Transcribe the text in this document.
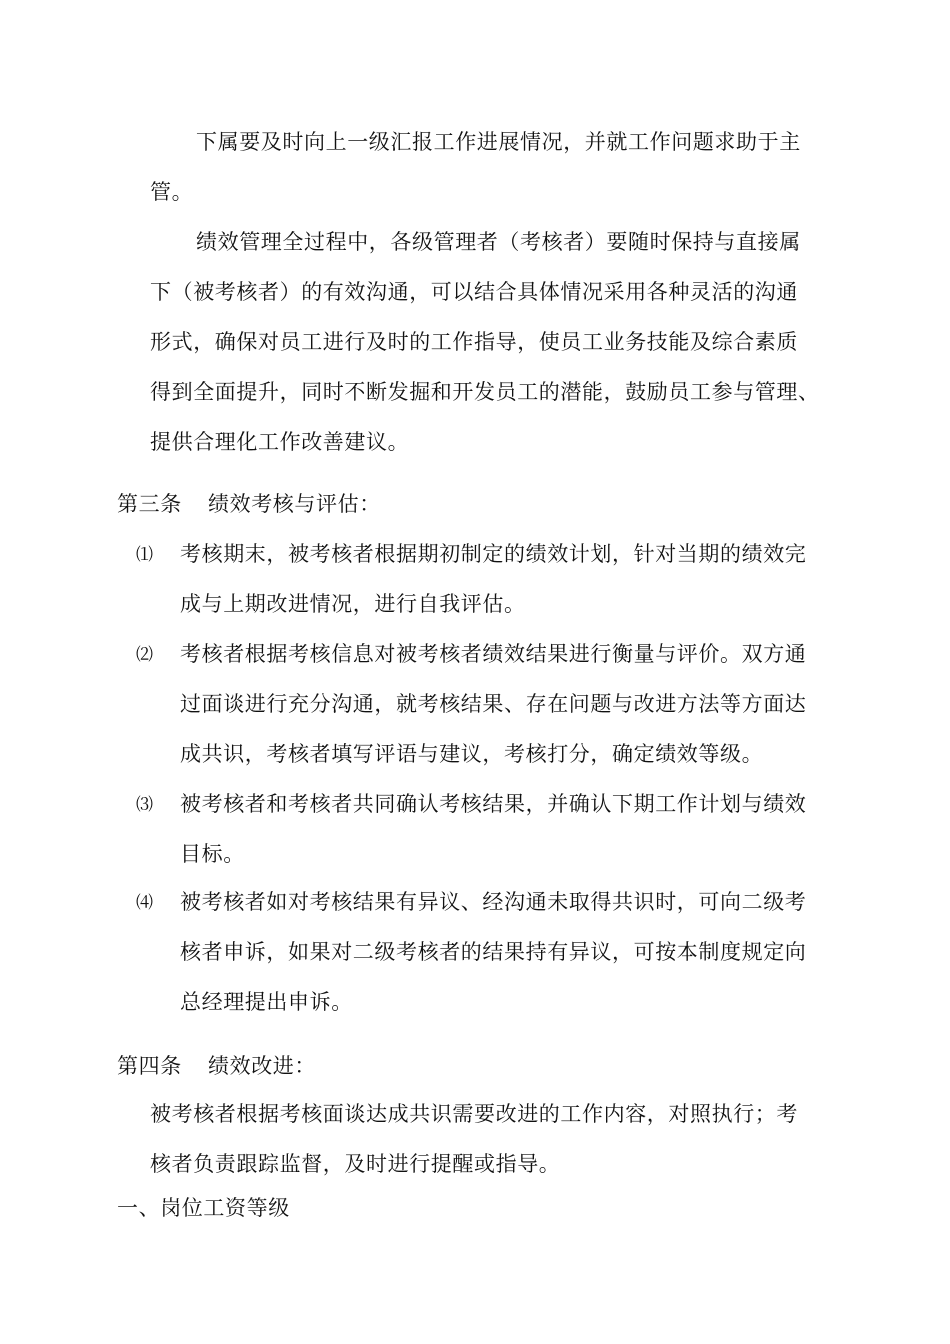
下属要及时向上一级汇报工作进展情况，并就工作问题求助于主
管。
绩效管理全过程中，各级管理者（考核者）要随时保持与直接属
下（被考核者）的有效沟通，可以结合具体情况采用各种灵活的沟通
形式，确保对员工进行及时的工作指导，使员工业务技能及综合素质
得到全面提升，同时不断发掘和开发员工的潜能，鼓励员工参与管理、
提供合理化工作改善建议。
第三条 绩效考核与评估：
⑴ 考核期末，被考核者根据期初制定的绩效计划，针对当期的绩效完
成与上期改进情况，进行自我评估。
⑵ 考核者根据考核信息对被考核者绩效结果进行衡量与评价。双方通
过面谈进行充分沟通，就考核结果、存在问题与改进方法等方面达
成共识，考核者填写评语与建议，考核打分，确定绩效等级。
⑶ 被考核者和考核者共同确认考核结果，并确认下期工作计划与绩效
目标。
⑷ 被考核者如对考核结果有异议、经沟通未取得共识时，可向二级考
核者申诉，如果对二级考核者的结果持有异议，可按本制度规定向
总经理提出申诉。
第四条 绩效改进：
被考核者根据考核面谈达成共识需要改进的工作内容，对照执行；考
核者负责跟踪监督，及时进行提醒或指导。
一、岗位工资等级
